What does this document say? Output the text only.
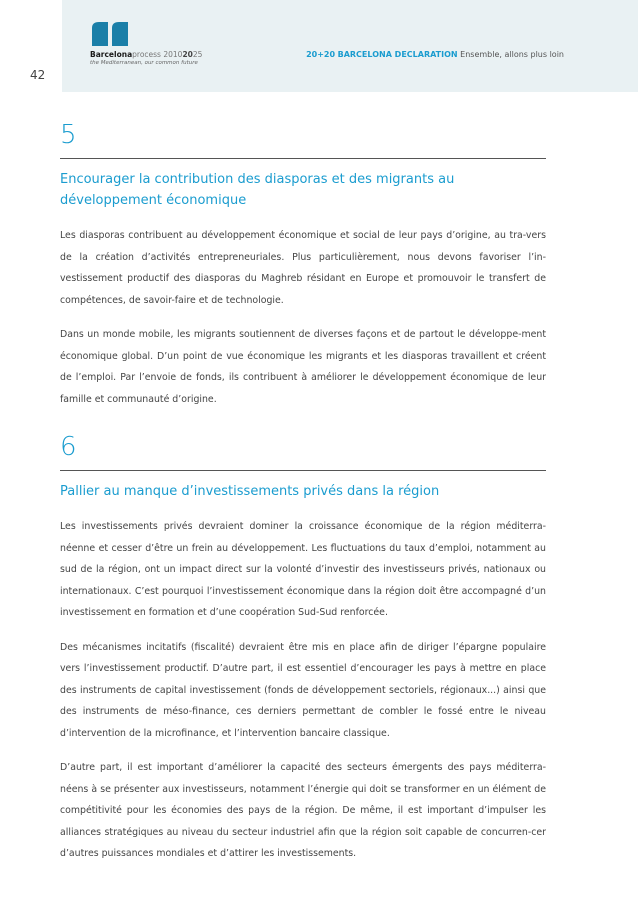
42
Barcelonaprocess 20102025
the Mediterranean, our common future
20+20 BARCELONA DECLARATION Ensemble, allons plus loin
5
Encourager la contribution des diasporas et des migrants au développement économique

Les diasporas contribuent au développement économique et social de leur pays d’origine, au tra-vers de la création d’activités entrepreneuriales. Plus particulièrement, nous devons favoriser l’in-vestissement productif des diasporas du Maghreb résidant en Europe et promouvoir le transfert de compétences, de savoir-faire et de technologie.

Dans un monde mobile, les migrants soutiennent de diverses façons et de partout le développe-ment économique global. D’un point de vue économique les migrants et les diasporas travaillent et créent de l’emploi. Par l’envoie de fonds, ils contribuent à améliorer le développement économique de leur famille et communauté d’origine.

6
Pallier au manque d’investissements privés dans la région

Les investissements privés devraient dominer la croissance économique de la région méditerra-néenne et cesser d’être un frein au développement. Les fluctuations du taux d’emploi, notamment au sud de la région, ont un impact direct sur la volonté d’investir des investisseurs privés, nationaux ou internationaux. C’est pourquoi l’investissement économique dans la région doit être accompagné d’un investissement en formation et d’une coopération Sud-Sud renforcée.

Des mécanismes incitatifs (fiscalité) devraient être mis en place afin de diriger l’épargne populaire vers l’investissement productif. D’autre part, il est essentiel d’encourager les pays à mettre en place des instruments de capital investissement (fonds de développement sectoriels, régionaux...) ainsi que des instruments de méso-finance, ces derniers permettant de combler le fossé entre le niveau d’intervention de la microfinance, et l’intervention bancaire classique.

D’autre part, il est important d’améliorer la capacité des secteurs émergents des pays méditerra-néens à se présenter aux investisseurs, notamment l’énergie qui doit se transformer en un élément de compétitivité pour les économies des pays de la région. De même, il est important d’impulser les alliances stratégiques au niveau du secteur industriel afin que la région soit capable de concurren-cer d’autres puissances mondiales et d’attirer les investissements.
